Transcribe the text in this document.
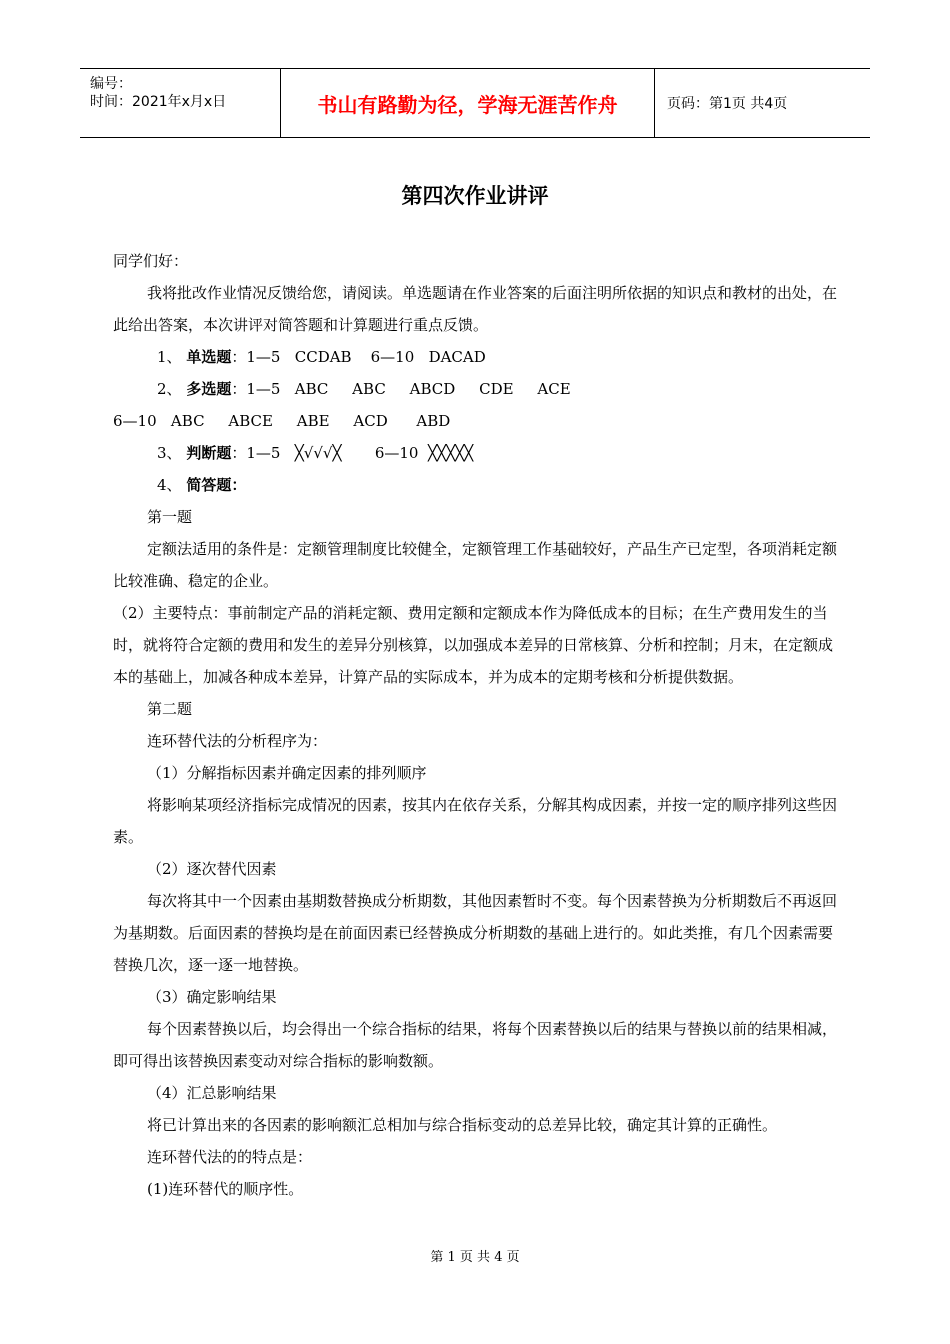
编号：
时间：2021年x月x日	书山有路勤为径，学海无涯苦作舟	页码：第1页 共4页
第四次作业讲评

同学们好：

我将批改作业情况反馈给您，请阅读。单选题请在作业答案的后面注明所依据的知识点和教材的出处，在此给出答案，本次讲评对简答题和计算题进行重点反馈。

1、 单选题：1—5   CCDAB    6—10   DACAD

2、 多选题：1—5   ABC     ABC     ABCD     CDE     ACE

6—10   ABC     ABCE     ABE     ACD      ABD

3、 判断题：1—5   ╳√√√╳       6—10  ╳╳╳╳╳

4、 简答题：

第一题

定额法适用的条件是：定额管理制度比较健全，定额管理工作基础较好，产品生产已定型，各项消耗定额比较准确、稳定的企业。

（2）主要特点：事前制定产品的消耗定额、费用定额和定额成本作为降低成本的目标；在生产费用发生的当时，就将符合定额的费用和发生的差异分别核算，以加强成本差异的日常核算、分析和控制；月末，在定额成本的基础上，加减各种成本差异，计算产品的实际成本，并为成本的定期考核和分析提供数据。

第二题

连环替代法的分析程序为：

（1）分解指标因素并确定因素的排列顺序

将影响某项经济指标完成情况的因素，按其内在依存关系，分解其构成因素，并按一定的顺序排列这些因素。

（2）逐次替代因素

每次将其中一个因素由基期数替换成分析期数，其他因素暂时不变。每个因素替换为分析期数后不再返回为基期数。后面因素的替换均是在前面因素已经替换成分析期数的基础上进行的。如此类推，有几个因素需要替换几次，逐一逐一地替换。

（3）确定影响结果

每个因素替换以后，均会得出一个综合指标的结果，将每个因素替换以后的结果与替换以前的结果相减，即可得出该替换因素变动对综合指标的影响数额。

（4）汇总影响结果

将已计算出来的各因素的影响额汇总相加与综合指标变动的总差异比较，确定其计算的正确性。

连环替代法的的特点是：

(1)连环替代的顺序性。

第 1 页 共 4 页
